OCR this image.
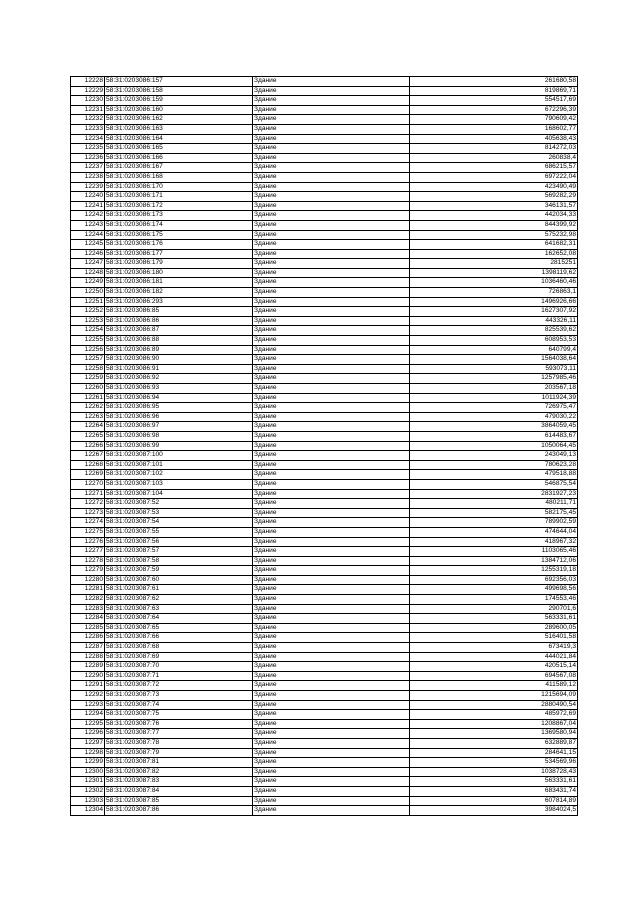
12228	58:31:0203086:157	Здание	261680,58
12229	58:31:0203086:158	Здание	819869,71
12230	58:31:0203086:159	Здание	554517,69
12231	58:31:0203086:160	Здание	672296,39
12232	58:31:0203086:162	Здание	790609,42
12233	58:31:0203086:163	Здание	168602,77
12234	58:31:0203086:164	Здание	405638,43
12235	58:31:0203086:165	Здание	814272,03
12236	58:31:0203086:166	Здание	260838,4
12237	58:31:0203086:167	Здание	686215,57
12238	58:31:0203086:168	Здание	697222,04
12239	58:31:0203086:170	Здание	423490,49
12240	58:31:0203086:171	Здание	569282,29
12241	58:31:0203086:172	Здание	346131,57
12242	58:31:0203086:173	Здание	442034,33
12243	58:31:0203086:174	Здание	844399,92
12244	58:31:0203086:175	Здание	575232,98
12245	58:31:0203086:176	Здание	641682,31
12246	58:31:0203086:177	Здание	162652,08
12247	58:31:0203086:179	Здание	2815251
12248	58:31:0203086:180	Здание	1398119,62
12249	58:31:0203086:181	Здание	1036460,46
12250	58:31:0203086:182	Здание	726863,1
12251	58:31:0203086:293	Здание	1496926,66
12252	58:31:0203086:85	Здание	1627307,92
12253	58:31:0203086:86	Здание	443326,11
12254	58:31:0203086:87	Здание	825539,62
12255	58:31:0203086:88	Здание	608953,53
12256	58:31:0203086:89	Здание	640799,4
12257	58:31:0203086:90	Здание	1564038,64
12258	58:31:0203086:91	Здание	593073,11
12259	58:31:0203086:92	Здание	1257985,46
12260	58:31:0203086:93	Здание	203567,18
12261	58:31:0203086:94	Здание	1011924,39
12262	58:31:0203086:95	Здание	726975,47
12263	58:31:0203086:96	Здание	479030,22
12264	58:31:0203086:97	Здание	3864059,45
12265	58:31:0203086:98	Здание	614483,67
12266	58:31:0203086:99	Здание	1050064,45
12267	58:31:0203087:100	Здание	243049,13
12268	58:31:0203087:101	Здание	780623,28
12269	58:31:0203087:102	Здание	479518,88
12270	58:31:0203087:103	Здание	546875,54
12271	58:31:0203087:104	Здание	2831927,23
12272	58:31:0203087:52	Здание	480211,71
12273	58:31:0203087:53	Здание	582175,45
12274	58:31:0203087:54	Здание	789902,59
12275	58:31:0203087:55	Здание	474644,04
12276	58:31:0203087:56	Здание	418967,32
12277	58:31:0203087:57	Здание	1103065,46
12278	58:31:0203087:58	Здание	1384712,06
12279	58:31:0203087:59	Здание	1255319,18
12280	58:31:0203087:60	Здание	692356,03
12281	58:31:0203087:61	Здание	499698,56
12282	58:31:0203087:62	Здание	174553,46
12283	58:31:0203087:63	Здание	290701,6
12284	58:31:0203087:64	Здание	563331,61
12285	58:31:0203087:65	Здание	289600,05
12286	58:31:0203087:66	Здание	516401,58
12287	58:31:0203087:68	Здание	673419,3
12288	58:31:0203087:69	Здание	444021,84
12289	58:31:0203087:70	Здание	420515,14
12290	58:31:0203087:71	Здание	694567,08
12291	58:31:0203087:72	Здание	411589,12
12292	58:31:0203087:73	Здание	1215694,09
12293	58:31:0203087:74	Здание	2880490,54
12294	58:31:0203087:75	Здание	485972,69
12295	58:31:0203087:76	Здание	1208867,04
12296	58:31:0203087:77	Здание	1369580,94
12297	58:31:0203087:78	Здание	632889,87
12298	58:31:0203087:79	Здание	284641,15
12299	58:31:0203087:81	Здание	534569,96
12300	58:31:0203087:82	Здание	1038728,43
12301	58:31:0203087:83	Здание	563331,61
12302	58:31:0203087:84	Здание	683431,74
12303	58:31:0203087:85	Здание	607814,89
12304	58:31:0203087:86	Здание	3984024,5
